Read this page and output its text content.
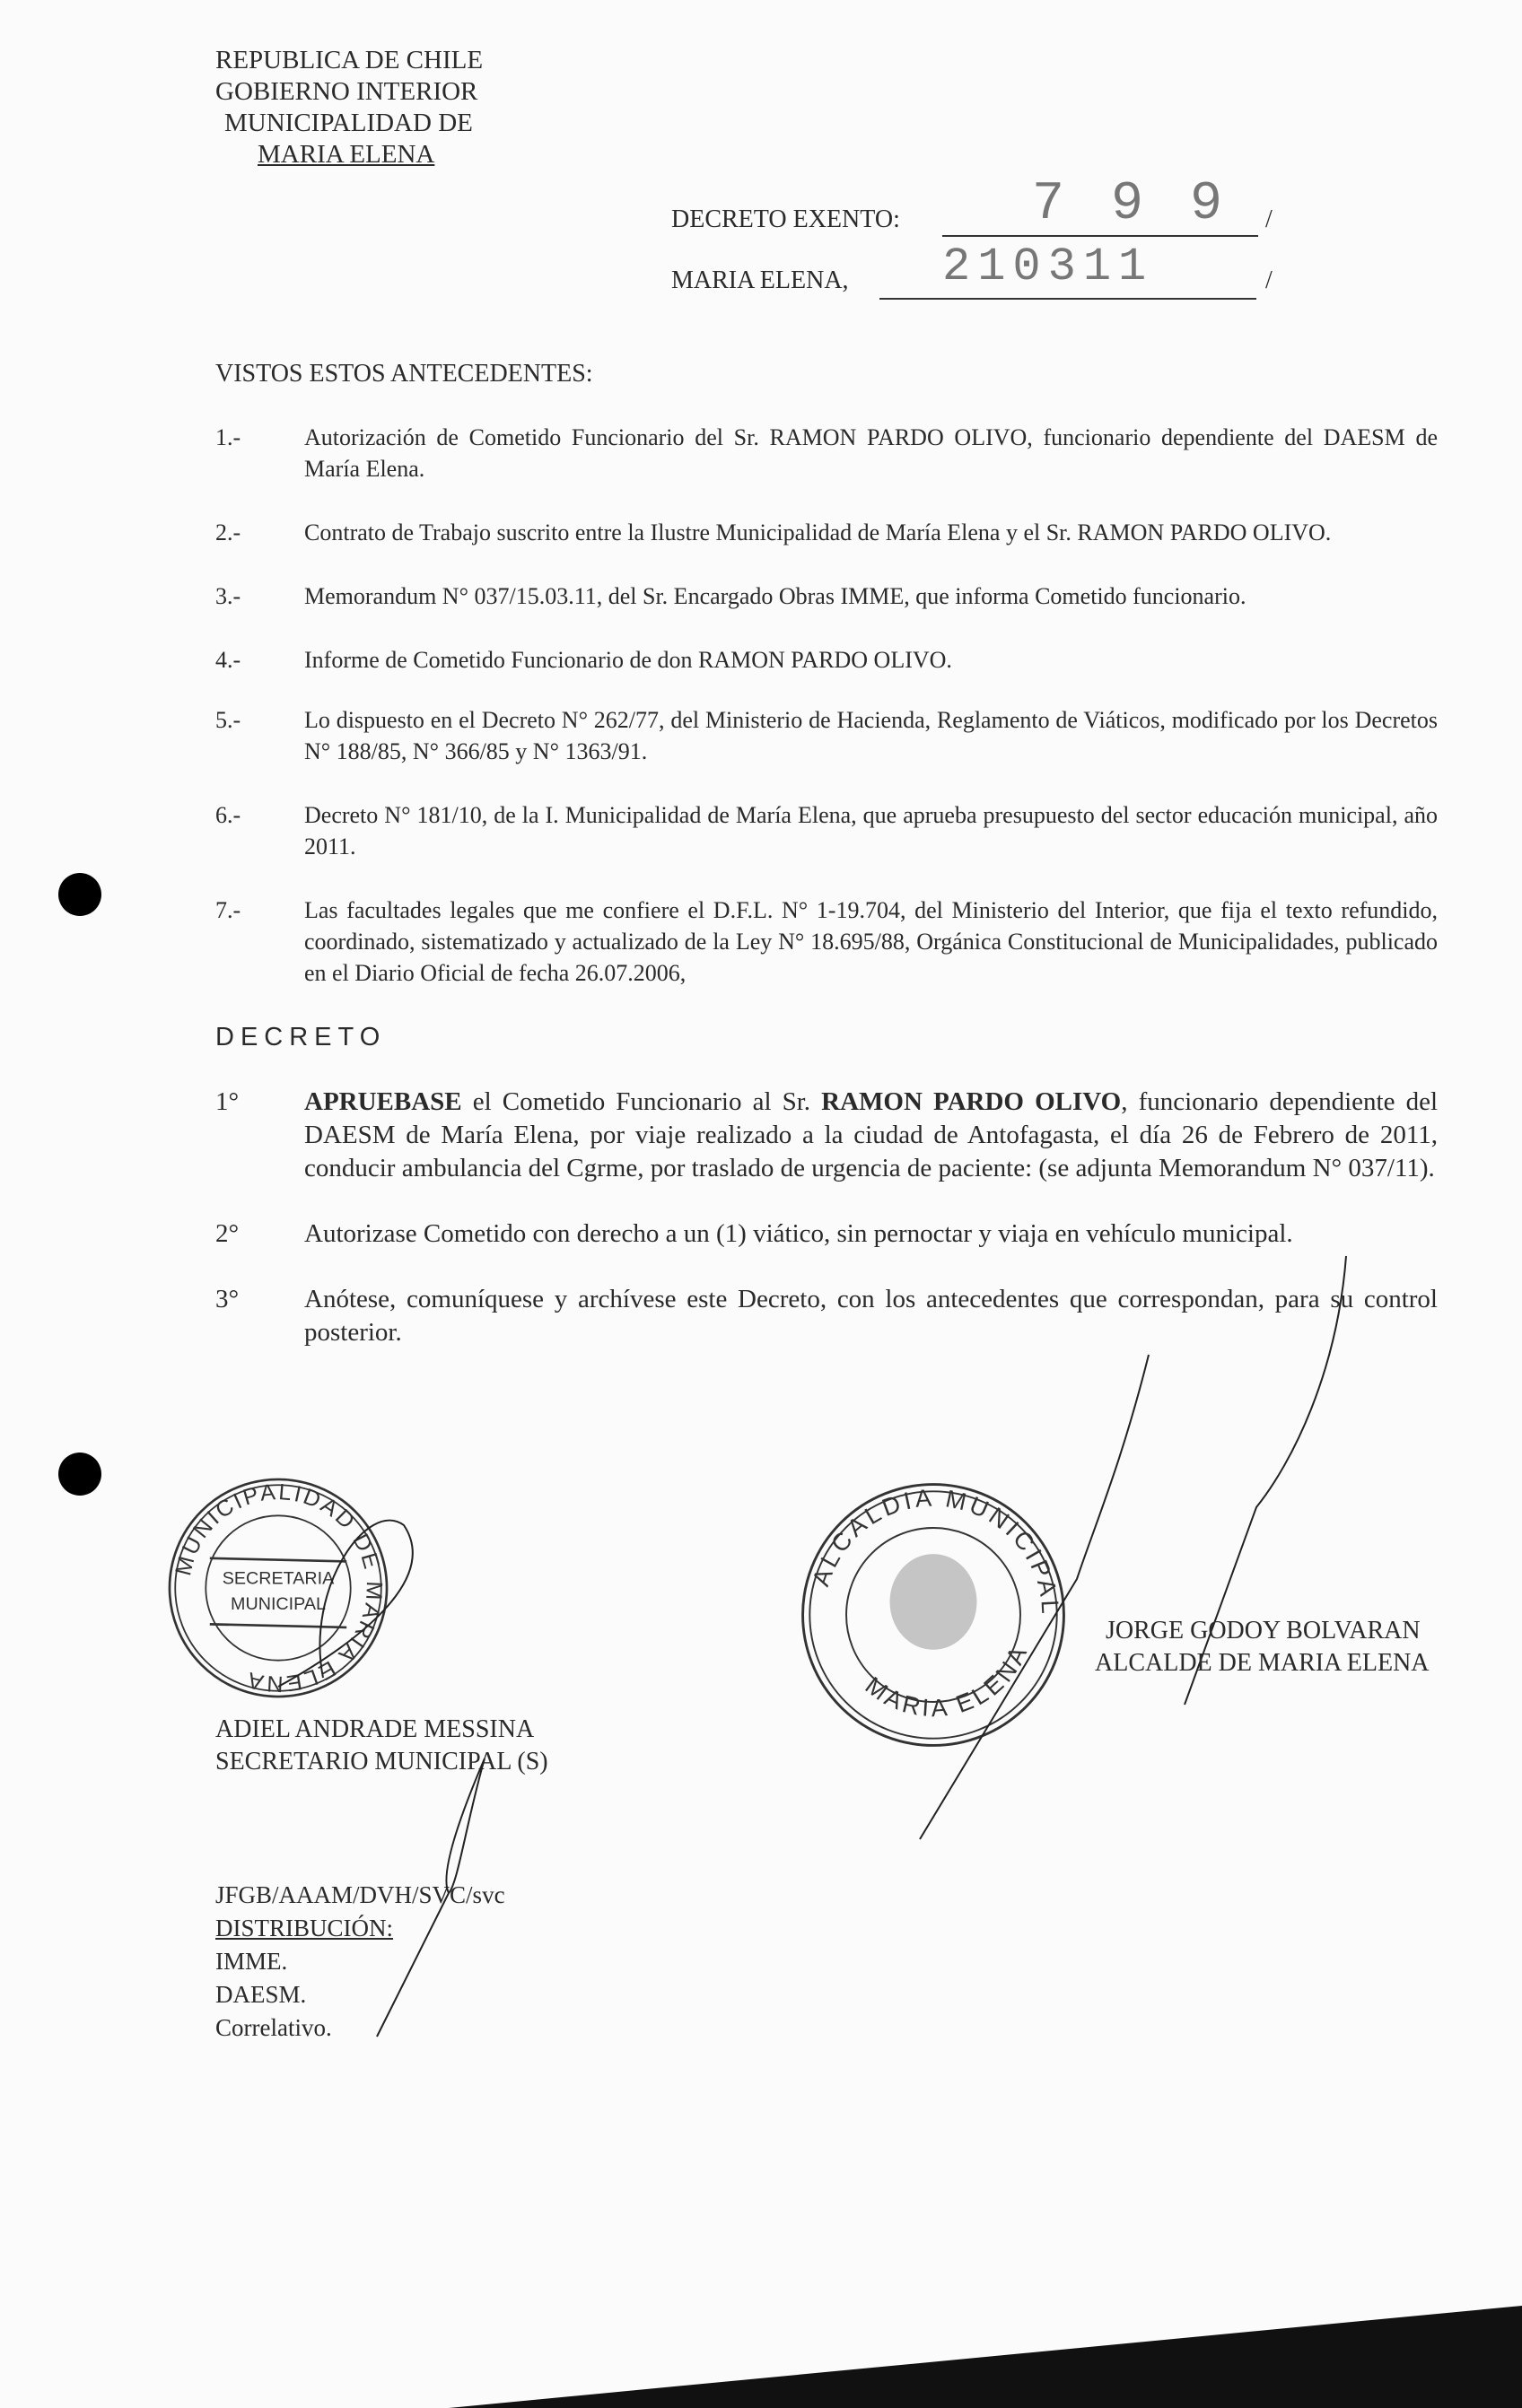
REPUBLICA DE CHILE
GOBIERNO INTERIOR
MUNICIPALIDAD DE
MARIA ELENA
DECRETO EXENTO: 7 9 9 /
MARIA ELENA, 210311	/
VISTOS ESTOS ANTECEDENTES:
1.-	Autorización de Cometido Funcionario del Sr. RAMON PARDO OLIVO, funcionario dependiente del DAESM de María Elena.
2.-	Contrato de Trabajo suscrito entre la Ilustre Municipalidad de María Elena y el Sr. RAMON PARDO OLIVO.
3.-	Memorandum N° 037/15.03.11, del Sr. Encargado Obras IMME, que informa Cometido funcionario.
4.-	Informe de Cometido Funcionario de don RAMON PARDO OLIVO.
5.-	Lo dispuesto en el Decreto N° 262/77, del Ministerio de Hacienda, Reglamento de Viáticos, modificado por los Decretos N° 188/85, N° 366/85 y N° 1363/91.
6.-	Decreto N° 181/10, de la I. Municipalidad de María Elena, que aprueba presupuesto del sector educación municipal, año 2011.
7.-	Las facultades legales que me confiere el D.F.L. N° 1-19.704, del Ministerio del Interior, que fija el texto refundido, coordinado, sistematizado y actualizado de la Ley N° 18.695/88, Orgánica Constitucional de Municipalidades, publicado en el Diario Oficial de fecha 26.07.2006,
DECRETO
1°	APRUEBASE el Cometido Funcionario al Sr. RAMON PARDO OLIVO, funcionario dependiente del DAESM de María Elena, por viaje realizado a la ciudad de Antofagasta, el día 26 de Febrero de 2011, conducir ambulancia del Cgrme, por traslado de urgencia de paciente: (se adjunta Memorandum N° 037/11).
2°	Autorizase Cometido con derecho a un (1) viático, sin pernoctar y viaja en vehículo municipal.
3°	Anótese, comuníquese y archívese este Decreto, con los antecedentes que correspondan, para su control posterior.
MUNICIPALIDAD DE MARIA ELENA
SECRETARIA
MUNICIPAL
ADIEL ANDRADE MESSINA
SECRETARIO MUNICIPAL (S)
ALCALDIA MUNICIPAL
MARIA ELENA
JORGE GODOY BOLVARAN
ALCALDE DE MARIA ELENA
JFGB/AAAM/DVH/SVC/svc
DISTRIBUCIÓN:
IMME.
DAESM.
Correlativo.
